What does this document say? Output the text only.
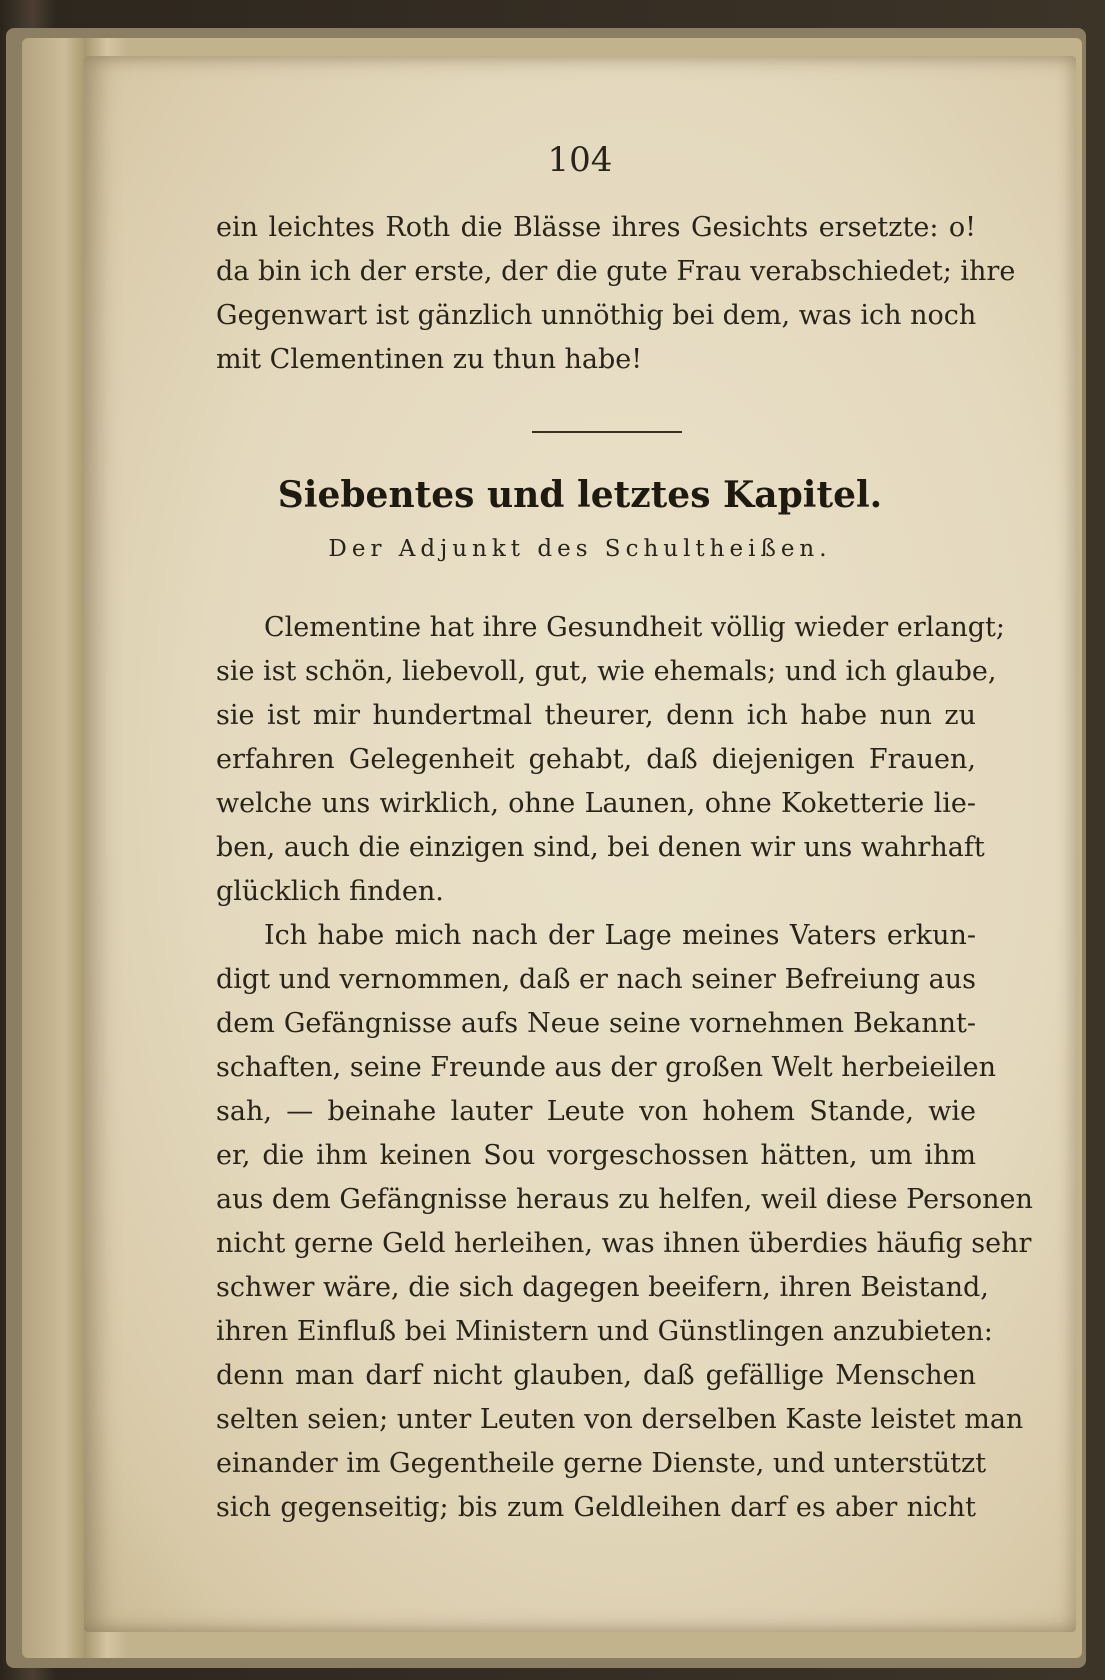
104
ein leichtes Roth die Blässe ihres Gesichts ersetzte: o!
da bin ich der erste, der die gute Frau verabschiedet; ihre
Gegenwart ist gänzlich unnöthig bei dem, was ich noch
mit Clementinen zu thun habe!
Siebentes und letztes Kapitel.
Der Adjunkt des Schultheißen.
Clementine hat ihre Gesundheit völlig wieder erlangt;
sie ist schön, liebevoll, gut, wie ehemals; und ich glaube,
sie ist mir hundertmal theurer, denn ich habe nun zu
erfahren Gelegenheit gehabt, daß diejenigen Frauen,
welche uns wirklich, ohne Launen, ohne Koketterie lie-
ben, auch die einzigen sind, bei denen wir uns wahrhaft
glücklich finden.
Ich habe mich nach der Lage meines Vaters erkun-
digt und vernommen, daß er nach seiner Befreiung aus
dem Gefängnisse aufs Neue seine vornehmen Bekannt-
schaften, seine Freunde aus der großen Welt herbeieilen
sah, — beinahe lauter Leute von hohem Stande, wie
er, die ihm keinen Sou vorgeschossen hätten, um ihm
aus dem Gefängnisse heraus zu helfen, weil diese Personen
nicht gerne Geld herleihen, was ihnen überdies häufig sehr
schwer wäre, die sich dagegen beeifern, ihren Beistand,
ihren Einfluß bei Ministern und Günstlingen anzubieten:
denn man darf nicht glauben, daß gefällige Menschen
selten seien; unter Leuten von derselben Kaste leistet man
einander im Gegentheile gerne Dienste, und unterstützt
sich gegenseitig; bis zum Geldleihen darf es aber nicht
